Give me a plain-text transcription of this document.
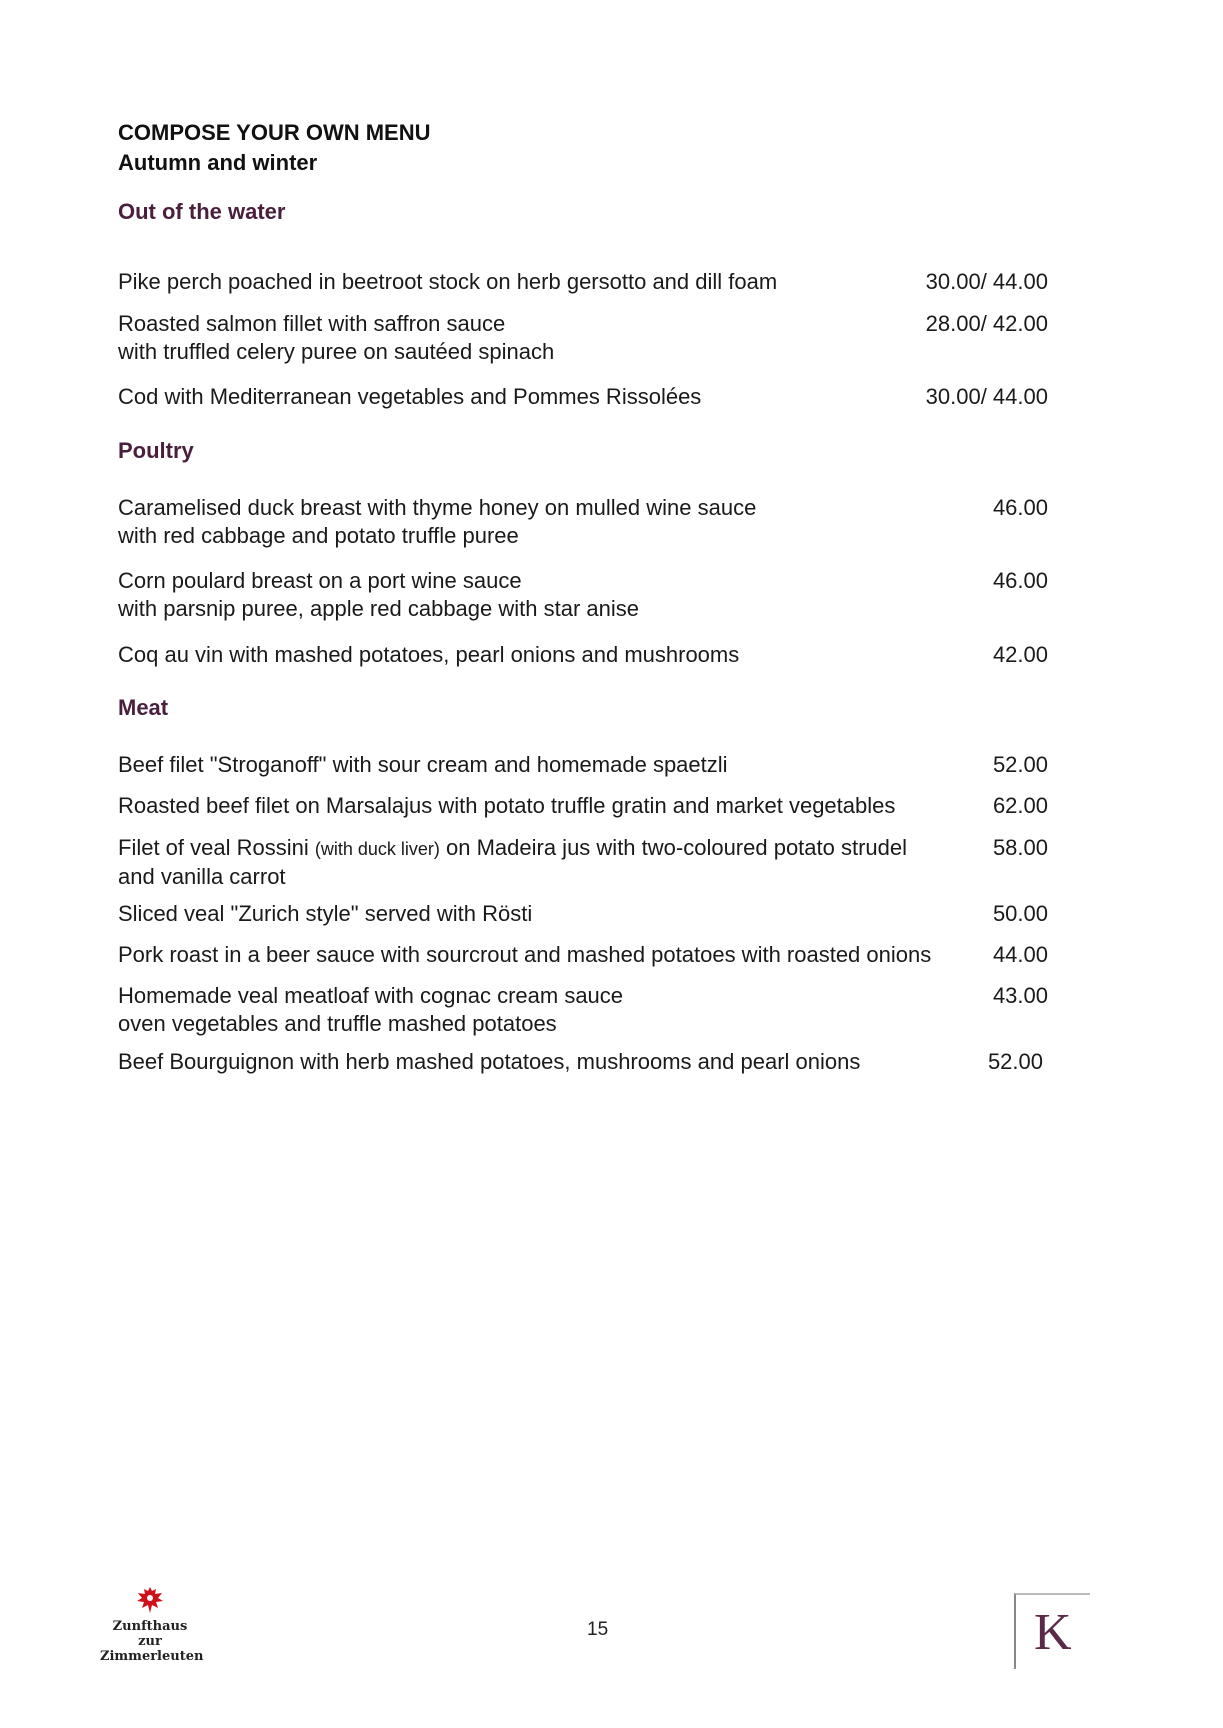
COMPOSE YOUR OWN MENU
Autumn and winter
Out of the water
Pike perch poached in beetroot stock on herb gersotto and dill foam	30.00/ 44.00
Roasted salmon fillet with saffron sauce
with truffled celery puree on sautéed spinach
28.00/ 42.00
Cod with Mediterranean vegetables and Pommes Rissolées	30.00/ 44.00
Poultry
Caramelised duck breast with thyme honey on mulled wine sauce
with red cabbage and potato truffle puree
46.00
Corn poulard breast on a port wine sauce
with parsnip puree, apple red cabbage with star anise
46.00
Coq au vin with mashed potatoes, pearl onions and mushrooms	42.00
Meat
Beef filet "Stroganoff" with sour cream and homemade spaetzli	52.00
Roasted beef filet on Marsalajus with potato truffle gratin and market vegetables	62.00
Filet of veal Rossini (with duck liver) on Madeira jus with two-coloured potato strudel
and vanilla carrot
58.00
Sliced veal "Zurich style" served with Rösti	50.00
Pork roast in a beer sauce with sourcrout and mashed potatoes with roasted onions	44.00
Homemade veal meatloaf with cognac cream sauce
oven vegetables and truffle mashed potatoes
43.00
Beef Bourguignon with herb mashed potatoes, mushrooms and pearl onions	52.00
Zunfthaus
zur
Zimmerleuten
15	K
